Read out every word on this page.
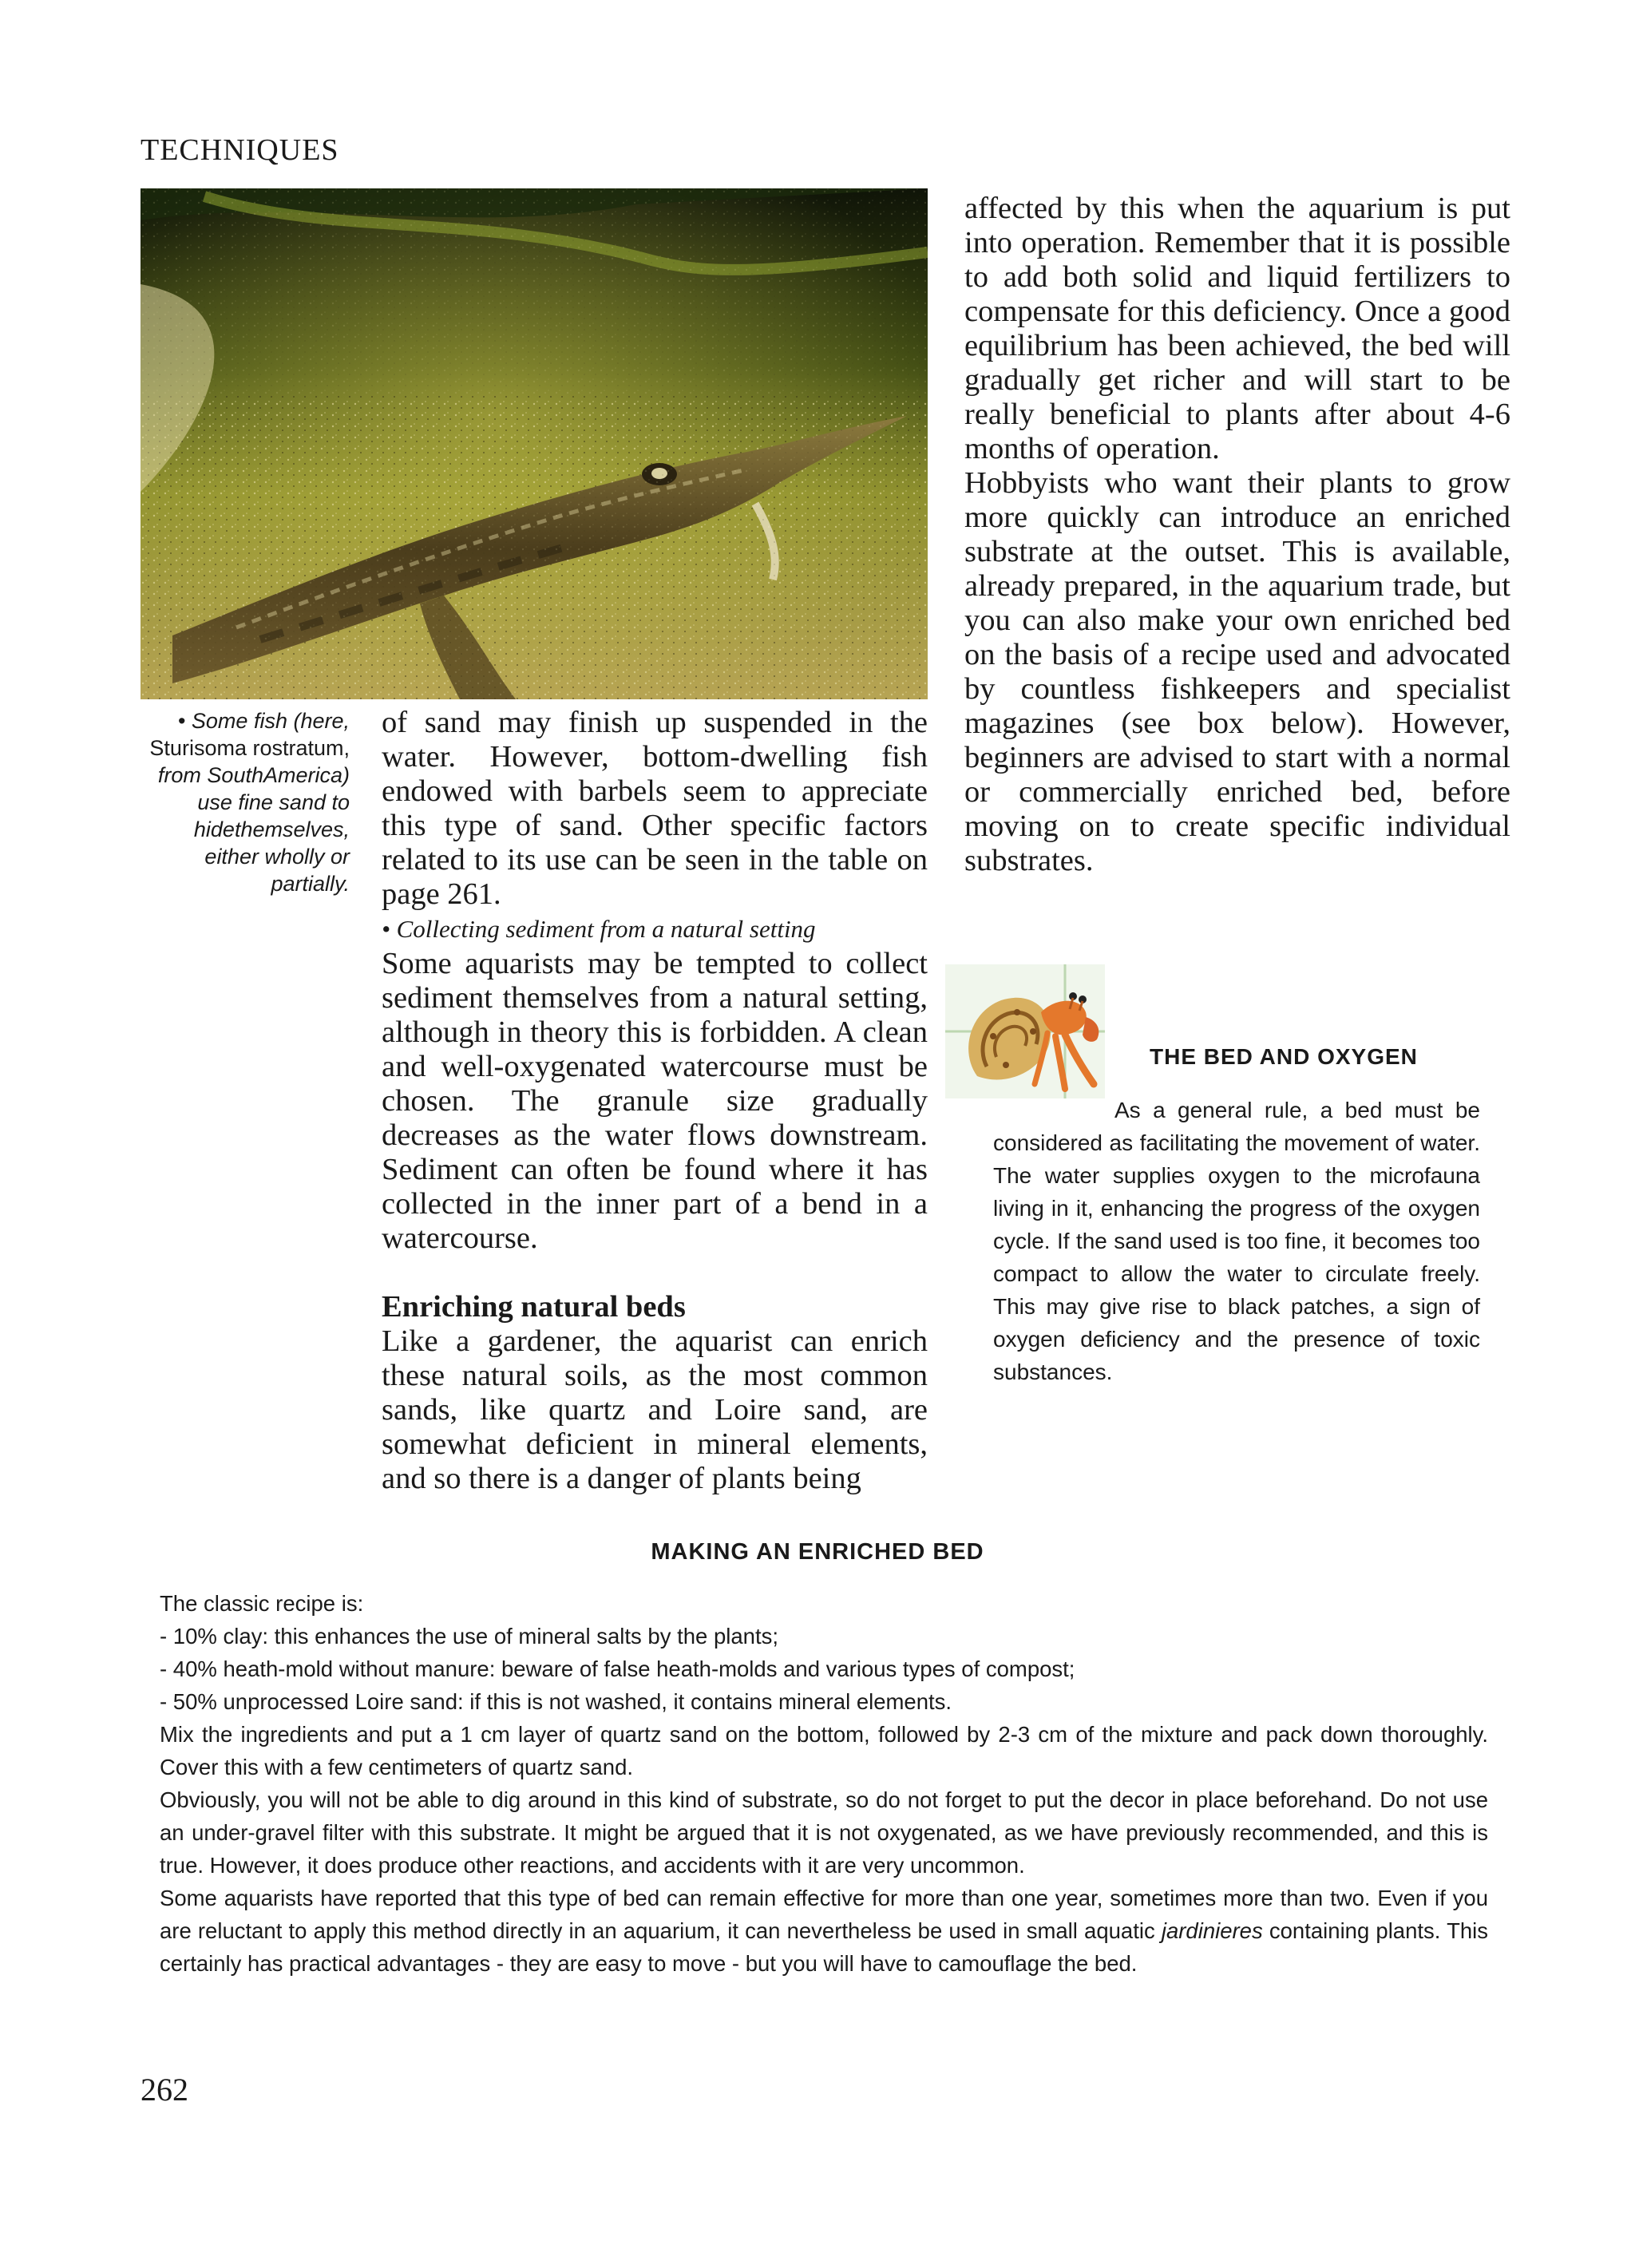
TECHNIQUES
• Some fish (here, Sturisoma rostratum, from SouthAmerica) use fine sand to hidethemselves, either wholly or partially.

of sand may finish up suspended in the water. However, bottom-dwelling fish endowed with barbels seem to appreciate this type of sand. Other specific factors related to its use can be seen in the table on page 261.

• Collecting sediment from a natural setting

Some aquarists may be tempted to collect sediment themselves from a natural setting, although in theory this is forbidden. A clean and well-oxygenated watercourse must be chosen. The granule size gradually decreases as the water flows downstream. Sediment can often be found where it has collected in the inner part of a bend in a watercourse.

Enriching natural beds

Like a gardener, the aquarist can enrich these natural soils, as the most common sands, like quartz and Loire sand, are somewhat deficient in mineral elements, and so there is a danger of plants being

affected by this when the aquarium is put into operation. Remember that it is possible to add both solid and liquid fertilizers to compensate for this deficiency. Once a good equilibrium has been achieved, the bed will gradually get richer and will start to be really beneficial to plants after about 4-6 months of operation.

Hobbyists who want their plants to grow more quickly can introduce an enriched substrate at the outset. This is available, already prepared, in the aquarium trade, but you can also make your own enriched bed on the basis of a recipe used and advocated by countless fishkeepers and specialist magazines (see box below). However, beginners are advised to start with a normal or commercially enriched bed, before moving on to create specific individual substrates.

THE BED AND OXYGEN
As a general rule, a bed must be considered as facilitating the movement of water. The water supplies oxygen to the microfauna living in it, enhancing the progress of the oxygen cycle. If the sand used is too fine, it becomes too compact to allow the water to circulate freely. This may give rise to black patches, a sign of oxygen deficiency and the presence of toxic substances.
MAKING AN ENRICHED BED

The classic recipe is:

- 10% clay: this enhances the use of mineral salts by the plants;

- 40% heath-mold without manure: beware of false heath-molds and various types of compost;

- 50% unprocessed Loire sand: if this is not washed, it contains mineral elements.

Mix the ingredients and put a 1 cm layer of quartz sand on the bottom, followed by 2-3 cm of the mixture and pack down thoroughly. Cover this with a few centimeters of quartz sand.

Obviously, you will not be able to dig around in this kind of substrate, so do not forget to put the decor in place beforehand. Do not use an under-gravel filter with this substrate. It might be argued that it is not oxygenated, as we have previously recommended, and this is true. However, it does produce other reactions, and accidents with it are very uncommon.

Some aquarists have reported that this type of bed can remain effective for more than one year, sometimes more than two. Even if you are reluctant to apply this method directly in an aquarium, it can nevertheless be used in small aquatic jardinieres containing plants. This certainly has practical advantages - they are easy to move - but you will have to camouflage the bed.

262
